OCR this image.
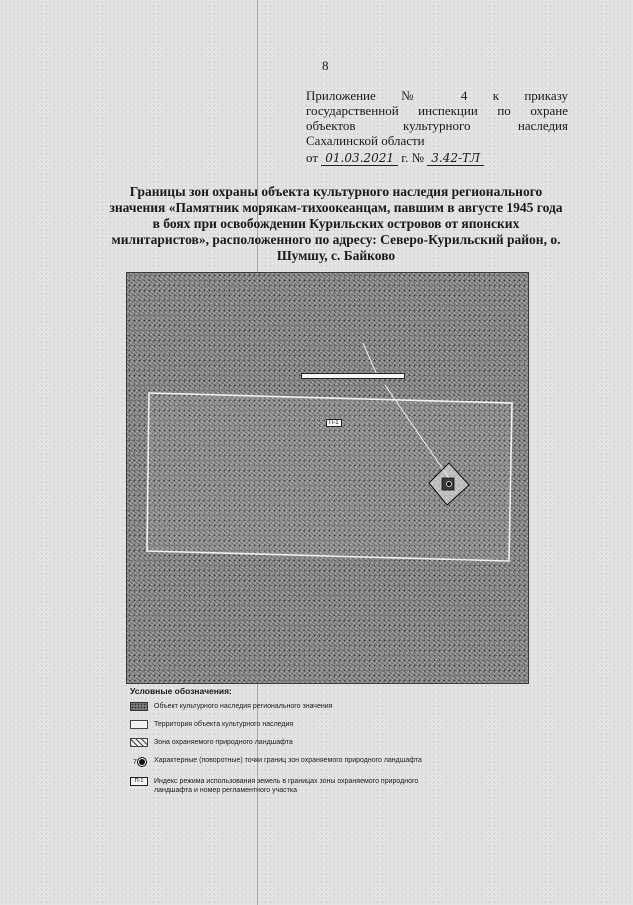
8
Приложение № 4 к приказу
государственной инспекции по охране
объектов культурного наследия
Сахалинской области
от 01.03.2021 г. № 3.42-ТЛ
Границы зон охраны объекта культурного наследия регионального значения «Памятник морякам-тихоокеанцам, павшим в августе 1945 года в боях при освобождении Курильских островов от японских милитаристов», расположенного по адресу: Северо-Курильский район, о. Шумшу, с. Байково
П-1
Условные обозначения:
Объект культурного наследия регионального значения
Территория объекта культурного наследия
Зона охраняемого природного ландшафта
7 Характерные (поворотные) точки границ зон охраняемого природного ландшафта
П-1	Индекс режима использования земель в границах зоны охраняемого природного ландшафта и номер регламентного участка
